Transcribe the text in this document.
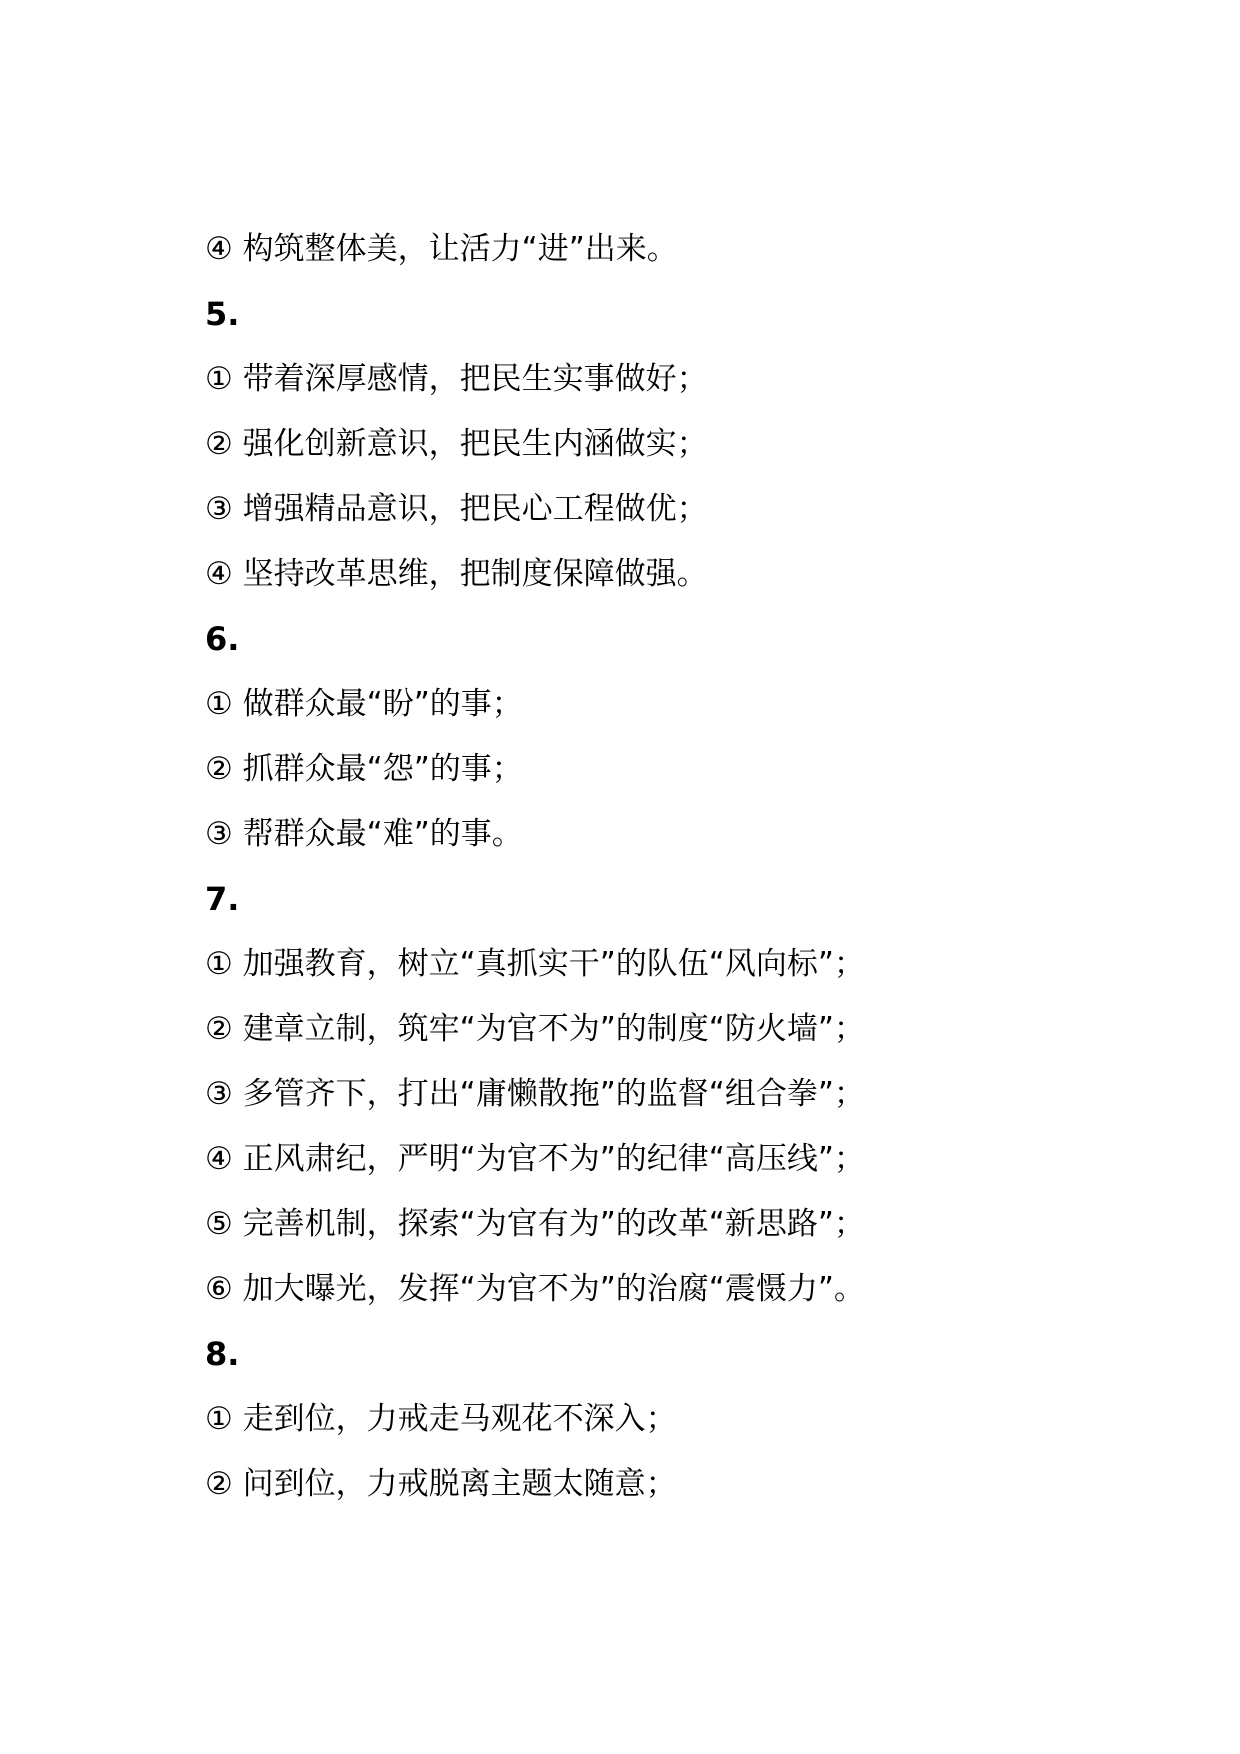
④ 构筑整体美，让活力“进”出来。
5.
① 带着深厚感情，把民生实事做好；
② 强化创新意识，把民生内涵做实；
③ 增强精品意识，把民心工程做优；
④ 坚持改革思维，把制度保障做强。
6.
① 做群众最“盼”的事；
② 抓群众最“怨”的事；
③ 帮群众最“难”的事。
7.
① 加强教育，树立“真抓实干”的队伍“风向标”；
② 建章立制，筑牢“为官不为”的制度“防火墙”；
③ 多管齐下，打出“庸懒散拖”的监督“组合拳”；
④ 正风肃纪，严明“为官不为”的纪律“高压线”；
⑤ 完善机制，探索“为官有为”的改革“新思路”；
⑥ 加大曝光，发挥“为官不为”的治腐“震慑力”。
8.
① 走到位，力戒走马观花不深入；
② 问到位，力戒脱离主题太随意；
